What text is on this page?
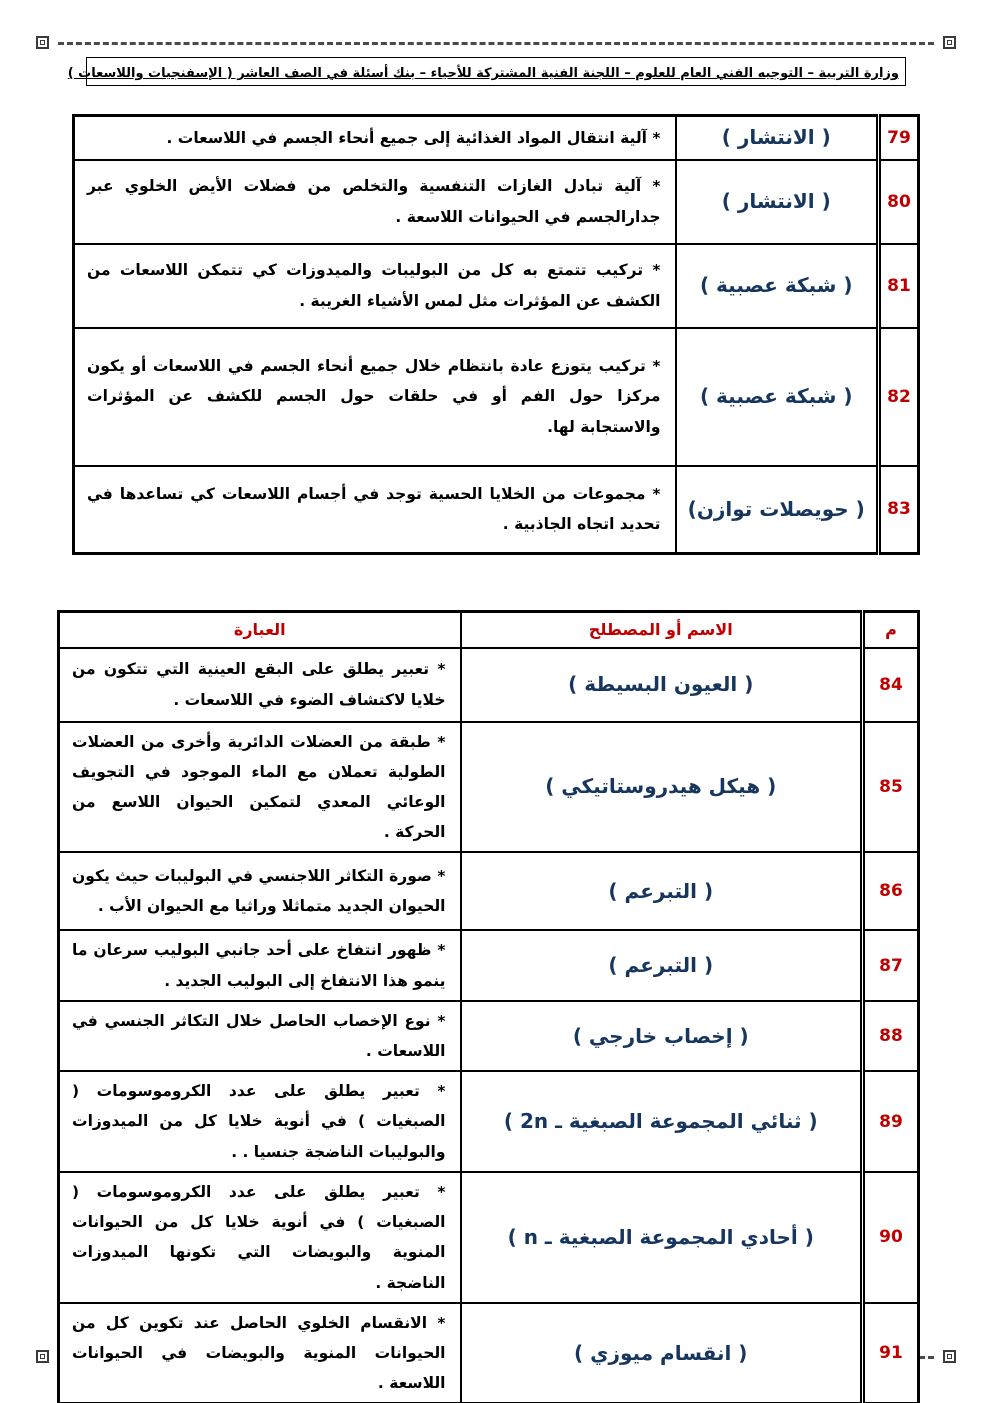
وزارة التربية – التوجيه الفني العام للعلوم – اللجنة الفنية المشتركة للأحياء – بنك أسئلة في الصف العاشر ( الإسفنجيات واللاسعات )
79	( الانتشار )	* آلية انتقال المواد الغذائية إلى جميع أنحاء الجسم في اللاسعات .
80	( الانتشار )	* آلية تبادل الغازات التنفسية والتخلص من فضلات الأيض الخلوي عبر جدارالجسم في الحيوانات اللاسعة .
81	( شبكة عصبية )	* تركيب تتمتع به كل من البوليبات والميدوزات كي تتمكن اللاسعات من الكشف عن المؤثرات مثل لمس الأشياء الغريبة .
82	( شبكة عصبية )	* تركيب يتوزع عادة بانتظام خلال جميع أنحاء الجسم في اللاسعات أو يكون مركزا حول الفم أو في حلقات حول الجسم للكشف عن المؤثرات والاستجابة لها.
83	( حويصلات توازن)	* مجموعات من الخلايا الحسية توجد في أجسام اللاسعات كي تساعدها في تحديد اتجاه الجاذبية .
م	الاسم أو المصطلح	العبارة
84	( العيون البسيطة )	* تعبير يطلق على البقع العينية التي تتكون من خلايا لاكتشاف الضوء في اللاسعات .
85	( هيكل هيدروستاتيكي )	* طبقة من العضلات الدائرية وأخرى من العضلات الطولية تعملان مع الماء الموجود في التجويف الوعائي المعدي لتمكين الحيوان اللاسع من الحركة .
86	( التبرعم )	* صورة التكاثر اللاجنسي في البوليبات حيث يكون الحيوان الجديد متماثلا وراثيا مع الحيوان الأب .
87	( التبرعم )	* ظهور انتفاخ على أحد جانبي البوليب سرعان ما ينمو هذا الانتفاخ إلى البوليب الجديد .
88	( إخصاب خارجي )	* نوع الإخصاب الحاصل خلال التكاثر الجنسي في اللاسعات .
89	( ثنائي المجموعة الصبغية ـ 2n )	* تعبير يطلق على عدد الكروموسومات ( الصبغيات ) في أنوية خلايا كل من الميدوزات والبوليبات الناضجة جنسيا . .
90	( أحادي المجموعة الصبغية ـ n )	* تعبير يطلق على عدد الكروموسومات ( الصبغيات ) في أنوية خلايا كل من الحيوانات المنوية والبويضات التي تكونها الميدوزات الناضجة .
91	( انقسام ميوزي )	* الانقسام الخلوي الحاصل عند تكوين كل من الحيوانات المنوية والبويضات في الحيوانات اللاسعة .
